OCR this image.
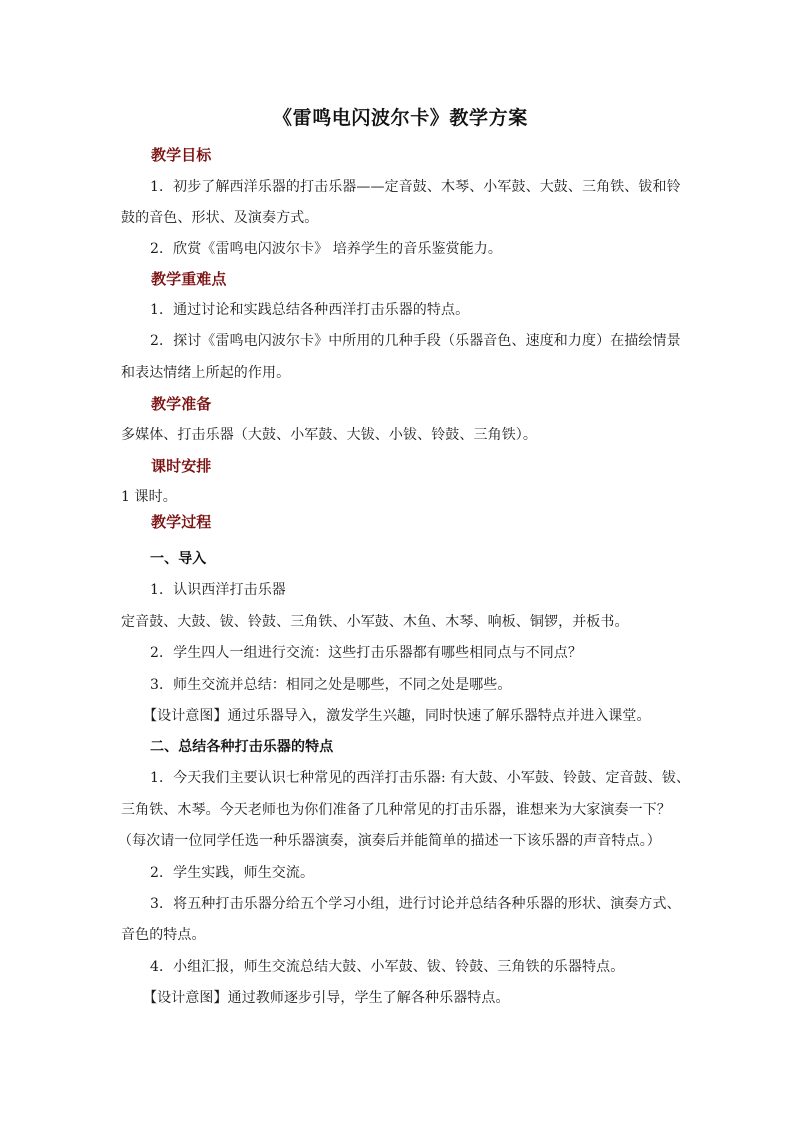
《雷鸣电闪波尔卡》教学方案
教学目标
1．初步了解西洋乐器的打击乐器——定音鼓、木琴、小军鼓、大鼓、三角铁、钹和铃
鼓的音色、形状、及演奏方式。
2．欣赏《雷鸣电闪波尔卡》 培养学生的音乐鉴赏能力。
教学重难点
1．通过讨论和实践总结各种西洋打击乐器的特点。
2．探讨《雷鸣电闪波尔卡》中所用的几种手段（乐器音色、速度和力度）在描绘情景
和表达情绪上所起的作用。
教学准备
多媒体、打击乐器（大鼓、小军鼓、大钹、小钹、铃鼓、三角铁）。
课时安排
1 课时。
教学过程
一、导入
1．认识西洋打击乐器
定音鼓、大鼓、钹、铃鼓、三角铁、小军鼓、木鱼、木琴、响板、铜锣，并板书。
2．学生四人一组进行交流：这些打击乐器都有哪些相同点与不同点？
3．师生交流并总结：相同之处是哪些，不同之处是哪些。
【设计意图】通过乐器导入，激发学生兴趣，同时快速了解乐器特点并进入课堂。
二、总结各种打击乐器的特点
1．今天我们主要认识七种常见的西洋打击乐器: 有大鼓、小军鼓、铃鼓、定音鼓、钹、
三角铁、木琴。今天老师也为你们准备了几种常见的打击乐器，谁想来为大家演奏一下？
（每次请一位同学任选一种乐器演奏，演奏后并能简单的描述一下该乐器的声音特点。）
2．学生实践，师生交流。
3．将五种打击乐器分给五个学习小组，进行讨论并总结各种乐器的形状、演奏方式、
音色的特点。
4．小组汇报，师生交流总结大鼓、小军鼓、钹、铃鼓、三角铁的乐器特点。
【设计意图】通过教师逐步引导，学生了解各种乐器特点。
